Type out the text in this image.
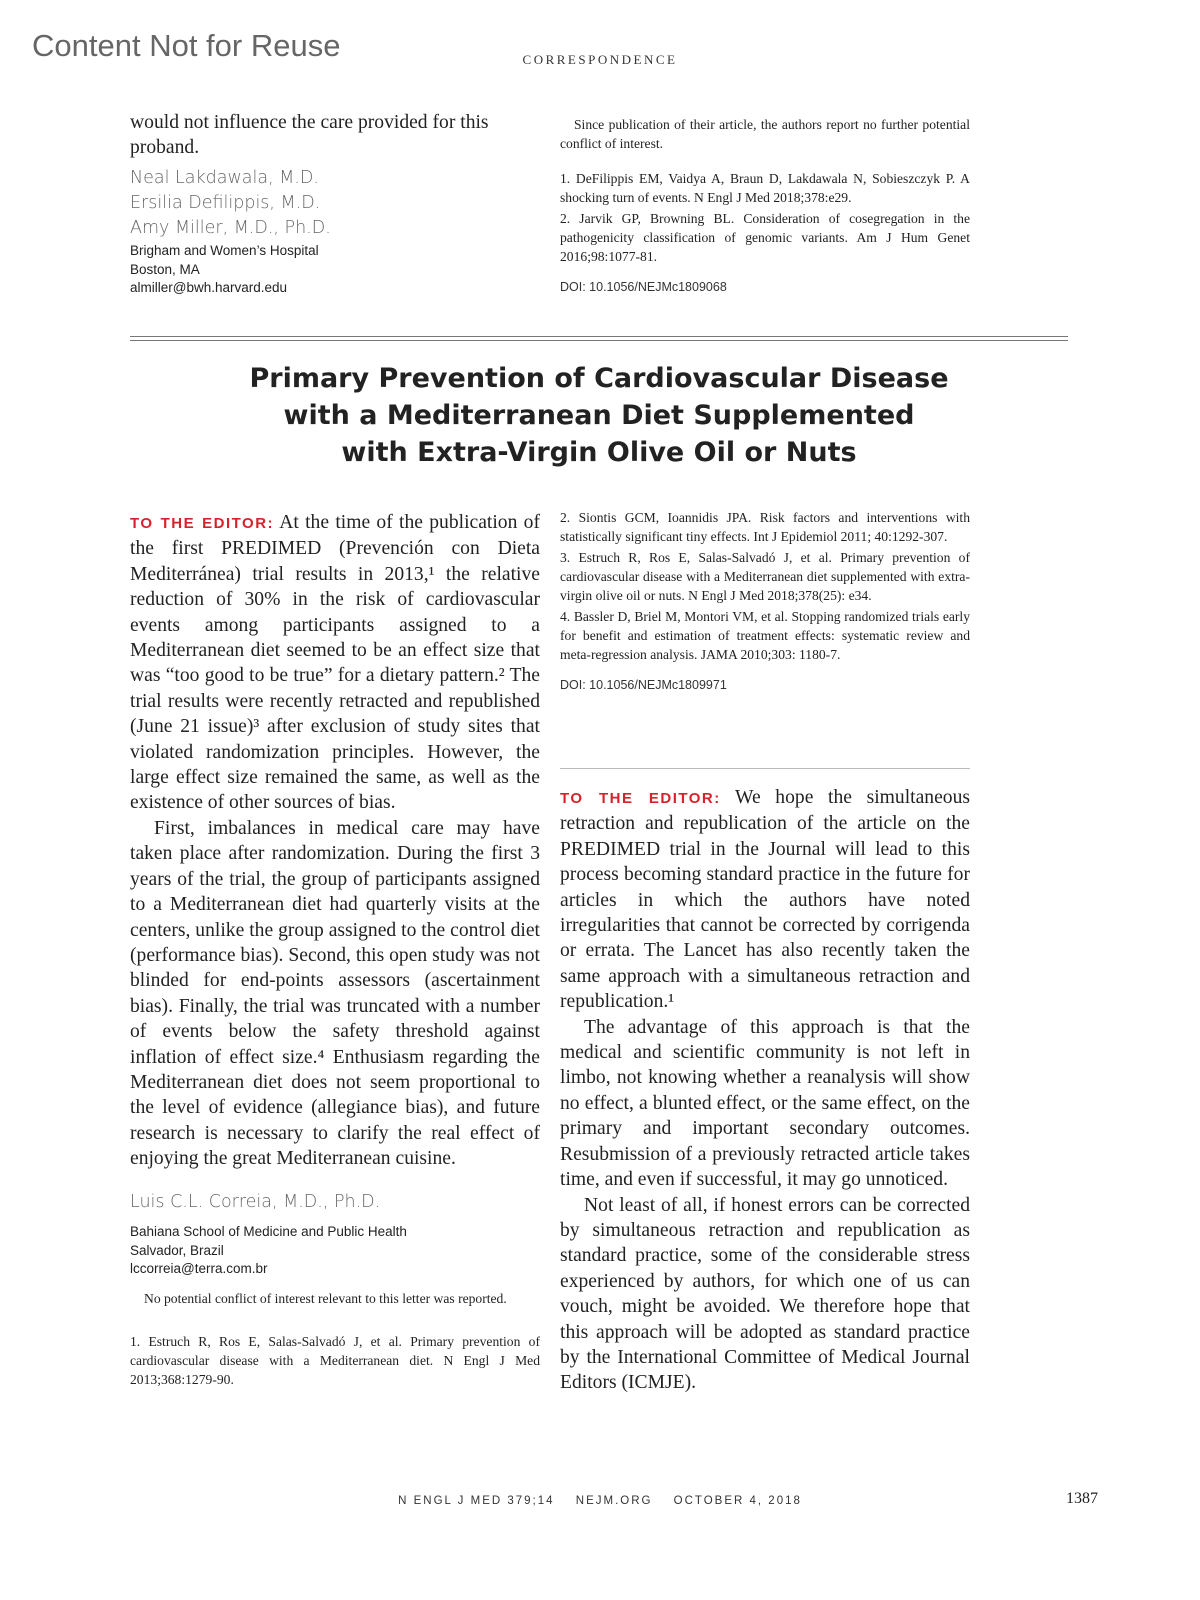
Content Not for Reuse	CORRESPONDENCE

would not influence the care provided for this proband.

Neal Lakdawala, M.D.
Ersilia Defilippis, M.D.
Amy Miller, M.D., Ph.D.
Brigham and Women’s Hospital
Boston, MA
almiller@bwh.harvard.edu

Since publication of their article, the authors report no further potential conflict of interest.

1. DeFilippis EM, Vaidya A, Braun D, Lakdawala N, Sobieszczyk P. A shocking turn of events. N Engl J Med 2018;378:e29.

2. Jarvik GP, Browning BL. Consideration of cosegregation in the pathogenicity classification of genomic variants. Am J Hum Genet 2016;98:1077-81.

DOI: 10.1056/NEJMc1809068
Primary Prevention of Cardiovascular Disease
with a Mediterranean Diet Supplemented
with Extra-Virgin Olive Oil or Nuts

TO THE EDITOR: At the time of the publication of the first PREDIMED (Prevención con Dieta Mediterránea) trial results in 2013,¹ the relative reduction of 30% in the risk of cardiovascular events among participants assigned to a Mediterranean diet seemed to be an effect size that was “too good to be true” for a dietary pattern.² The trial results were recently retracted and republished (June 21 issue)³ after exclusion of study sites that violated randomization principles. However, the large effect size remained the same, as well as the existence of other sources of bias.

First, imbalances in medical care may have taken place after randomization. During the first 3 years of the trial, the group of participants assigned to a Mediterranean diet had quarterly visits at the centers, unlike the group assigned to the control diet (performance bias). Second, this open study was not blinded for end-points assessors (ascertainment bias). Finally, the trial was truncated with a number of events below the safety threshold against inflation of effect size.⁴ Enthusiasm regarding the Mediterranean diet does not seem proportional to the level of evidence (allegiance bias), and future research is necessary to clarify the real effect of enjoying the great Mediterranean cuisine.

Luis C.L. Correia, M.D., Ph.D.
Bahiana School of Medicine and Public Health
Salvador, Brazil
lccorreia@terra.com.br

No potential conflict of interest relevant to this letter was reported.

1. Estruch R, Ros E, Salas-Salvadó J, et al. Primary prevention of cardiovascular disease with a Mediterranean diet. N Engl J Med 2013;368:1279-90.

2. Siontis GCM, Ioannidis JPA. Risk factors and interventions with statistically significant tiny effects. Int J Epidemiol 2011; 40:1292-307.

3. Estruch R, Ros E, Salas-Salvadó J, et al. Primary prevention of cardiovascular disease with a Mediterranean diet supplemented with extra-virgin olive oil or nuts. N Engl J Med 2018;378(25): e34.

4. Bassler D, Briel M, Montori VM, et al. Stopping randomized trials early for benefit and estimation of treatment effects: systematic review and meta-regression analysis. JAMA 2010;303: 1180-7.

DOI: 10.1056/NEJMc1809971

TO THE EDITOR: We hope the simultaneous retraction and republication of the article on the PREDIMED trial in the Journal will lead to this process becoming standard practice in the future for articles in which the authors have noted irregularities that cannot be corrected by corrigenda or errata. The Lancet has also recently taken the same approach with a simultaneous retraction and republication.¹

The advantage of this approach is that the medical and scientific community is not left in limbo, not knowing whether a reanalysis will show no effect, a blunted effect, or the same effect, on the primary and important secondary outcomes. Resubmission of a previously retracted article takes time, and even if successful, it may go unnoticed.

Not least of all, if honest errors can be corrected by simultaneous retraction and republication as standard practice, some of the considerable stress experienced by authors, for which one of us can vouch, might be avoided. We therefore hope that this approach will be adopted as standard practice by the International Committee of Medical Journal Editors (ICMJE).

N ENGL J MED 379;14 NEJM.ORG OCTOBER 4, 2018	1387
